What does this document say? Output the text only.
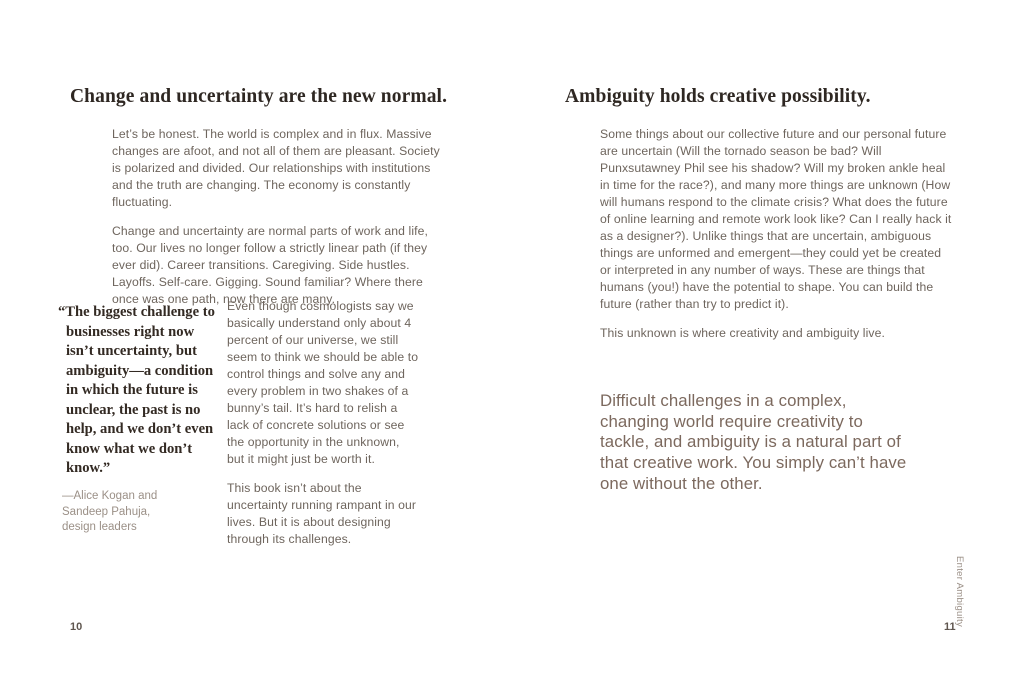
Change and uncertainty are the new normal.

Let’s be honest. The world is complex and in flux. Massive changes are afoot, and not all of them are pleasant. Society is polarized and divided. Our relationships with institutions and the truth are changing. The economy is constantly fluctuating.

Change and uncertainty are normal parts of work and life, too. Our lives no longer follow a strictly linear path (if they ever did). Career transitions. Caregiving. Side hustles. Layoffs. Self-care. Gigging. Sound familiar? Where there once was one path, now there are many.

“The biggest challenge to businesses right now isn’t uncertainty, but ambiguity—a condition in which the future is unclear, the past is no help, and we don’t even know what we don’t know.”
—Alice Kogan and Sandeep Pahuja, design leaders

Even though cosmologists say we basically understand only about 4 percent of our universe, we still seem to think we should be able to control things and solve any and every problem in two shakes of a bunny’s tail. It’s hard to relish a lack of concrete solutions or see the opportunity in the unknown, but it might just be worth it.

This book isn’t about the uncertainty running rampant in our lives. But it is about designing through its challenges.

10
Ambiguity holds creative possibility.

Some things about our collective future and our personal future are uncertain (Will the tornado season be bad? Will Punxsutawney Phil see his shadow? Will my broken ankle heal in time for the race?), and many more things are unknown (How will humans respond to the climate crisis? What does the future of online learning and remote work look like? Can I really hack it as a designer?). Unlike things that are uncertain, ambiguous things are unformed and emergent—they could yet be created or interpreted in any number of ways. These are things that humans (you!) have the potential to shape. You can build the future (rather than try to predict it).

This unknown is where creativity and ambiguity live.

Difficult challenges in a complex, changing world require creativity to tackle, and ambiguity is a natural part of that creative work. You simply can’t have one without the other.
Enter Ambiguity
11
